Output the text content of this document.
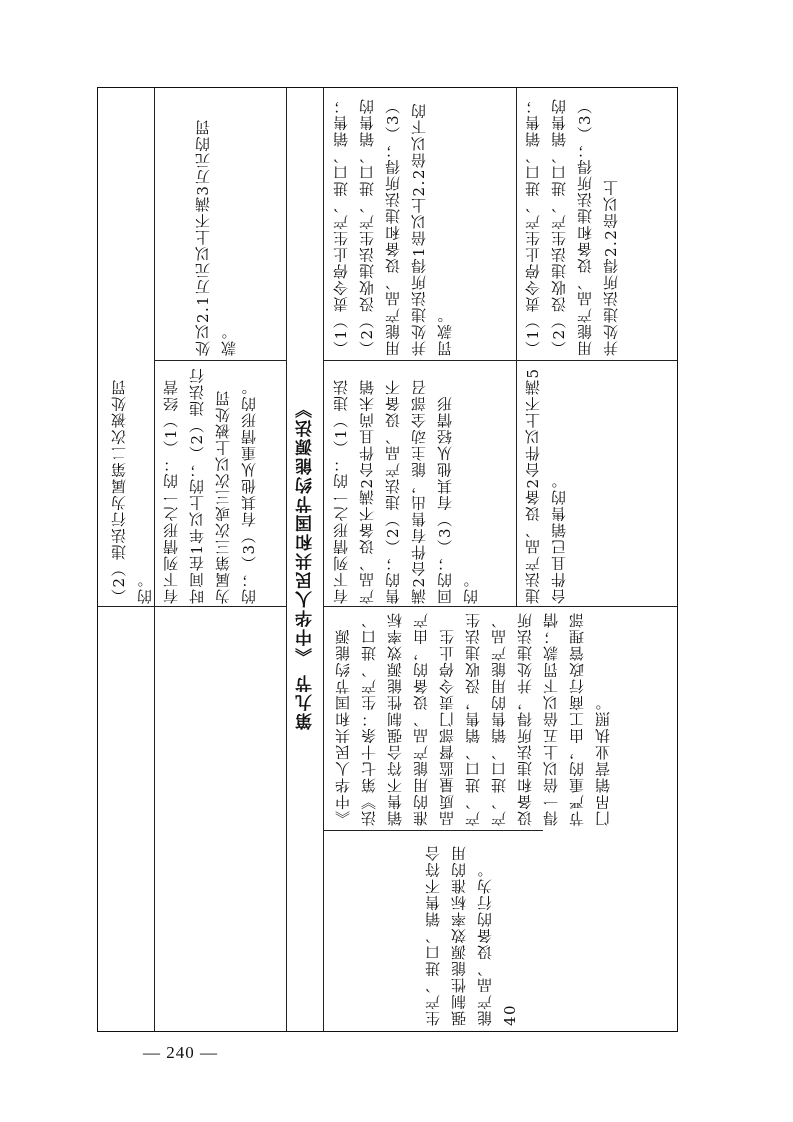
（2）违法行为属第二次被处罚的。 有下列情形之一的：（1）经营时间在1年以上的；（2）违法行为属第三次或三次以上被处罚的；（3）有其他从重情形的。
处以2.1万元以上不满3万元的罚款。
第九节 《中华人民共和国节约能源法》
40
生产、进口、销售不符合强制性能源效率标准的用能产品、设备的行为。
《中华人民共和国节约能源法》第七十条：生产、进口、销售不符合强制性能源效率标准的用能产品、设备的，由产品质量监督部门责令停止生产、进口、销售，没收违法生产、进口、销售的用能产品、设备和违法所得，并处违法所得一倍以上五倍以下罚款；情节严重的，由工商行政管理部门吊销营业执照。
有下列情形之一的：（1）违法产品、设备不满2台件且尚未销售的；（2）违法产品、设备不满2台件有售出，能主动全部召回的；（3）有其他从轻情形的。
（1）责令停止生产、进口、销售；（2）没收违法生产、进口、销售的用能产品、设备和违法所得；（3）并处违法所得1倍以上2.2倍以下的罚款。
违法产品、设备2台件以上不满5台件且已销售的。
（1）责令停止生产、进口、销售；（2）没收违法生产、进口、销售的用能产品、设备和违法所得；（3）并处违法所得2.2倍以上
— 240 —
